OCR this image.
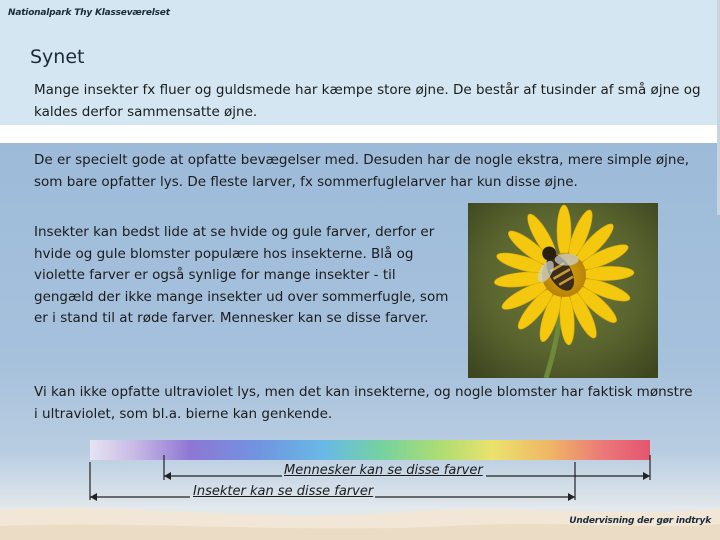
Nationalpark Thy Klasseværelset
Synet
Mange insekter fx fluer og guldsmede har kæmpe store øjne. De består af tusinder af små øjne og kaldes derfor sammensatte øjne.
De er specielt gode at opfatte bevægelser med. Desuden har de nogle ekstra, mere simple øjne, som bare opfatter lys. De fleste larver, fx sommerfuglelarver har kun disse øjne.
Insekter kan bedst lide at se hvide og gule farver, derfor er hvide og gule blomster populære hos insekterne. Blå og violette farver er også synlige for mange insekter - til gengæld der ikke mange insekter ud over sommerfugle, som er i stand til at røde farver. Mennesker kan se disse farver.
Vi kan ikke opfatte ultraviolet lys, men det kan insekterne, og nogle blomster har faktisk mønstre i ultraviolet, som bl.a. bierne kan genkende.
Mennesker kan se disse farver
Insekter kan se disse farver
Undervisning der gør indtryk
